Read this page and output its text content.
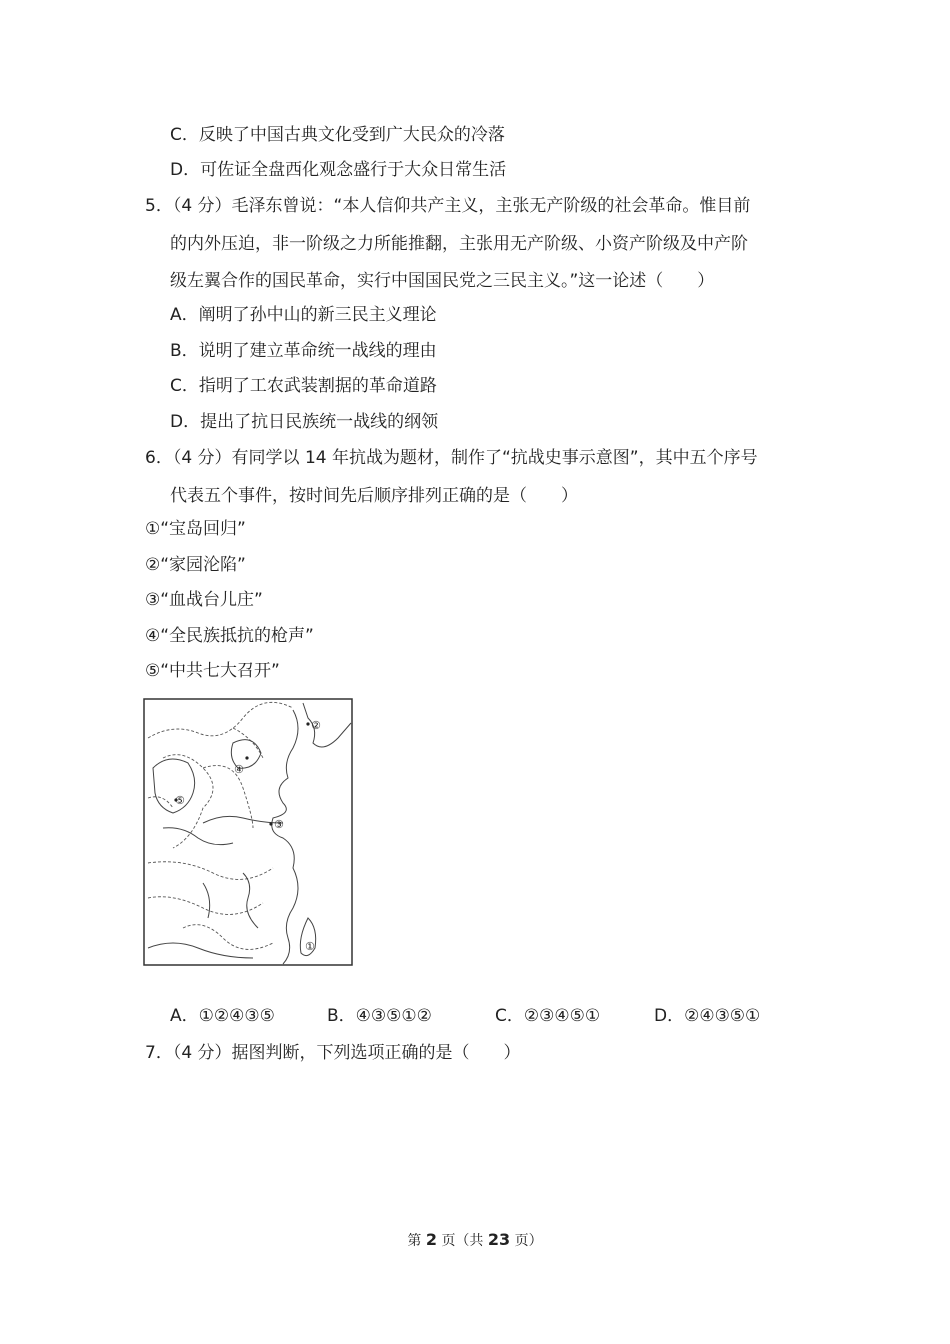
C．反映了中国古典文化受到广大民众的冷落
D．可佐证全盘西化观念盛行于大众日常生活
5．（4 分）毛泽东曾说：“本人信仰共产主义，主张无产阶级的社会革命。惟目前
的内外压迫，非一阶级之力所能推翻，主张用无产阶级、小资产阶级及中产阶
级左翼合作的国民革命，实行中国国民党之三民主义。”这一论述（　　）
A．阐明了孙中山的新三民主义理论
B．说明了建立革命统一战线的理由
C．指明了工农武装割据的革命道路
D．提出了抗日民族统一战线的纲领
6．（4 分）有同学以 14 年抗战为题材，制作了“抗战史事示意图”，其中五个序号
代表五个事件，按时间先后顺序排列正确的是（　　）
①“宝岛回归”
②“家园沦陷”
③“血战台儿庄”
④“全民族抵抗的枪声”
⑤“中共七大召开”
②
④
⑤
③
①
A．①②④③⑤	B．④③⑤①②	C．②③④⑤①	D．②④③⑤①
7．（4 分）据图判断，下列选项正确的是（　　）
第 2 页（共 23 页）
